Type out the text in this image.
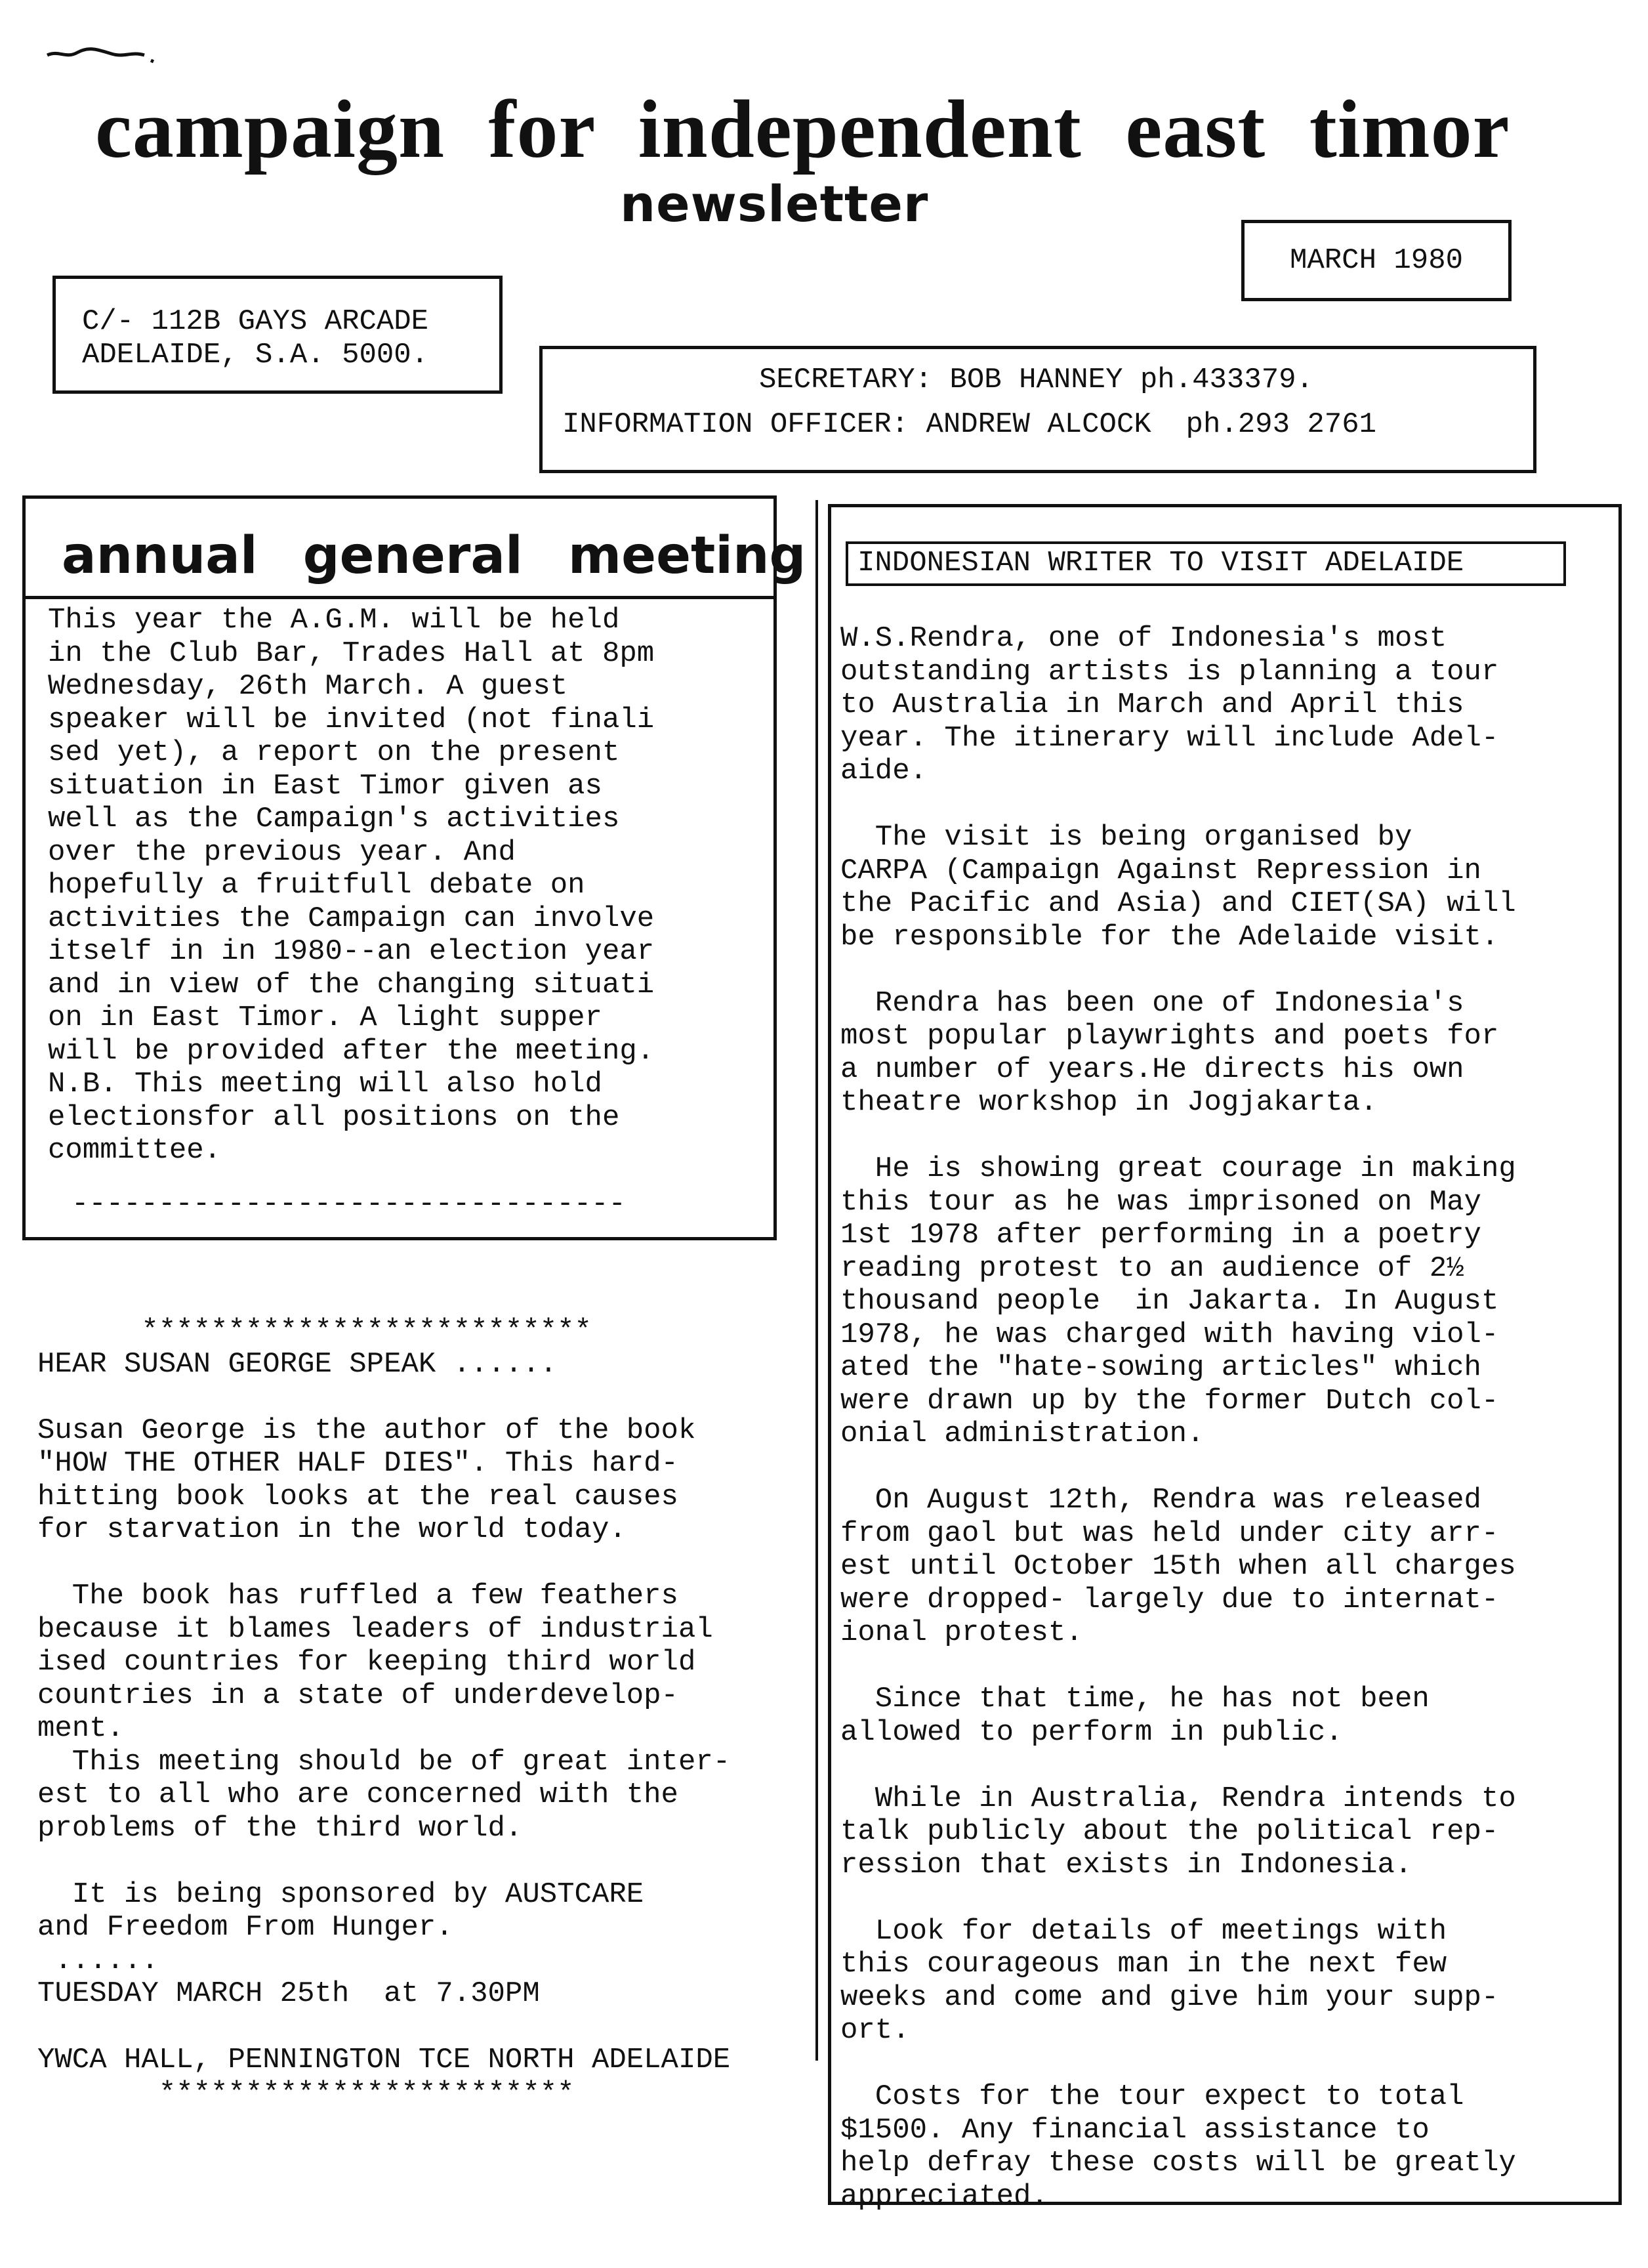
campaign for independent east timor
newsletter
MARCH 1980
C/- 112B GAYS ARCADE
ADELAIDE, S.A. 5000.
SECRETARY: BOB HANNEY ph.433379.
INFORMATION OFFICER: ANDREW ALCOCK  ph.293 2761
annual general meeting
This year the A.G.M. will be held
in the Club Bar, Trades Hall at 8pm
Wednesday, 26th March. A guest
speaker will be invited (not finali
sed yet), a report on the present
situation in East Timor given as
well as the Campaign's activities
over the previous year. And
hopefully a fruitfull debate on
activities the Campaign can involve
itself in in 1980--an election year
and in view of the changing situati
on in East Timor. A light supper
will be provided after the meeting.
N.B. This meeting will also hold
electionsfor all positions on the
committee.
--------------------------------
INDONESIAN WRITER TO VISIT ADELAIDE
W.S.Rendra, one of Indonesia's most
outstanding artists is planning a tour
to Australia in March and April this
year. The itinerary will include Adel-
aide.

The visit is being organised by
CARPA (Campaign Against Repression in
the Pacific and Asia) and CIET(SA) will
be responsible for the Adelaide visit.

Rendra has been one of Indonesia's
most popular playwrights and poets for
a number of years.He directs his own
theatre workshop in Jogjakarta.

He is showing great courage in making
this tour as he was imprisoned on May
1st 1978 after performing in a poetry
reading protest to an audience of 2½
thousand people  in Jakarta. In August
1978, he was charged with having viol-
ated the "hate-sowing articles" which
were drawn up by the former Dutch col-
onial administration.

On August 12th, Rendra was released
from gaol but was held under city arr-
est until October 15th when all charges
were dropped- largely due to internat-
ional protest.

Since that time, he has not been
allowed to perform in public.

While in Australia, Rendra intends to
talk publicly about the political rep-
ression that exists in Indonesia.

Look for details of meetings with
this courageous man in the next few
weeks and come and give him your supp-
ort.

Costs for the tour expect to total
$1500. Any financial assistance to
help defray these costs will be greatly
appreciated.
**************************
HEAR SUSAN GEORGE SPEAK ......

Susan George is the author of the book
"HOW THE OTHER HALF DIES". This hard-
hitting book looks at the real causes
for starvation in the world today.

The book has ruffled a few feathers
because it blames leaders of industrial
ised countries for keeping third world
countries in a state of underdevelop-
ment.
This meeting should be of great inter-
est to all who are concerned with the
problems of the third world.

It is being sponsored by AUSTCARE
and Freedom From Hunger.
......
TUESDAY MARCH 25th  at 7.30PM

YWCA HALL, PENNINGTON TCE NORTH ADELAIDE
************************
